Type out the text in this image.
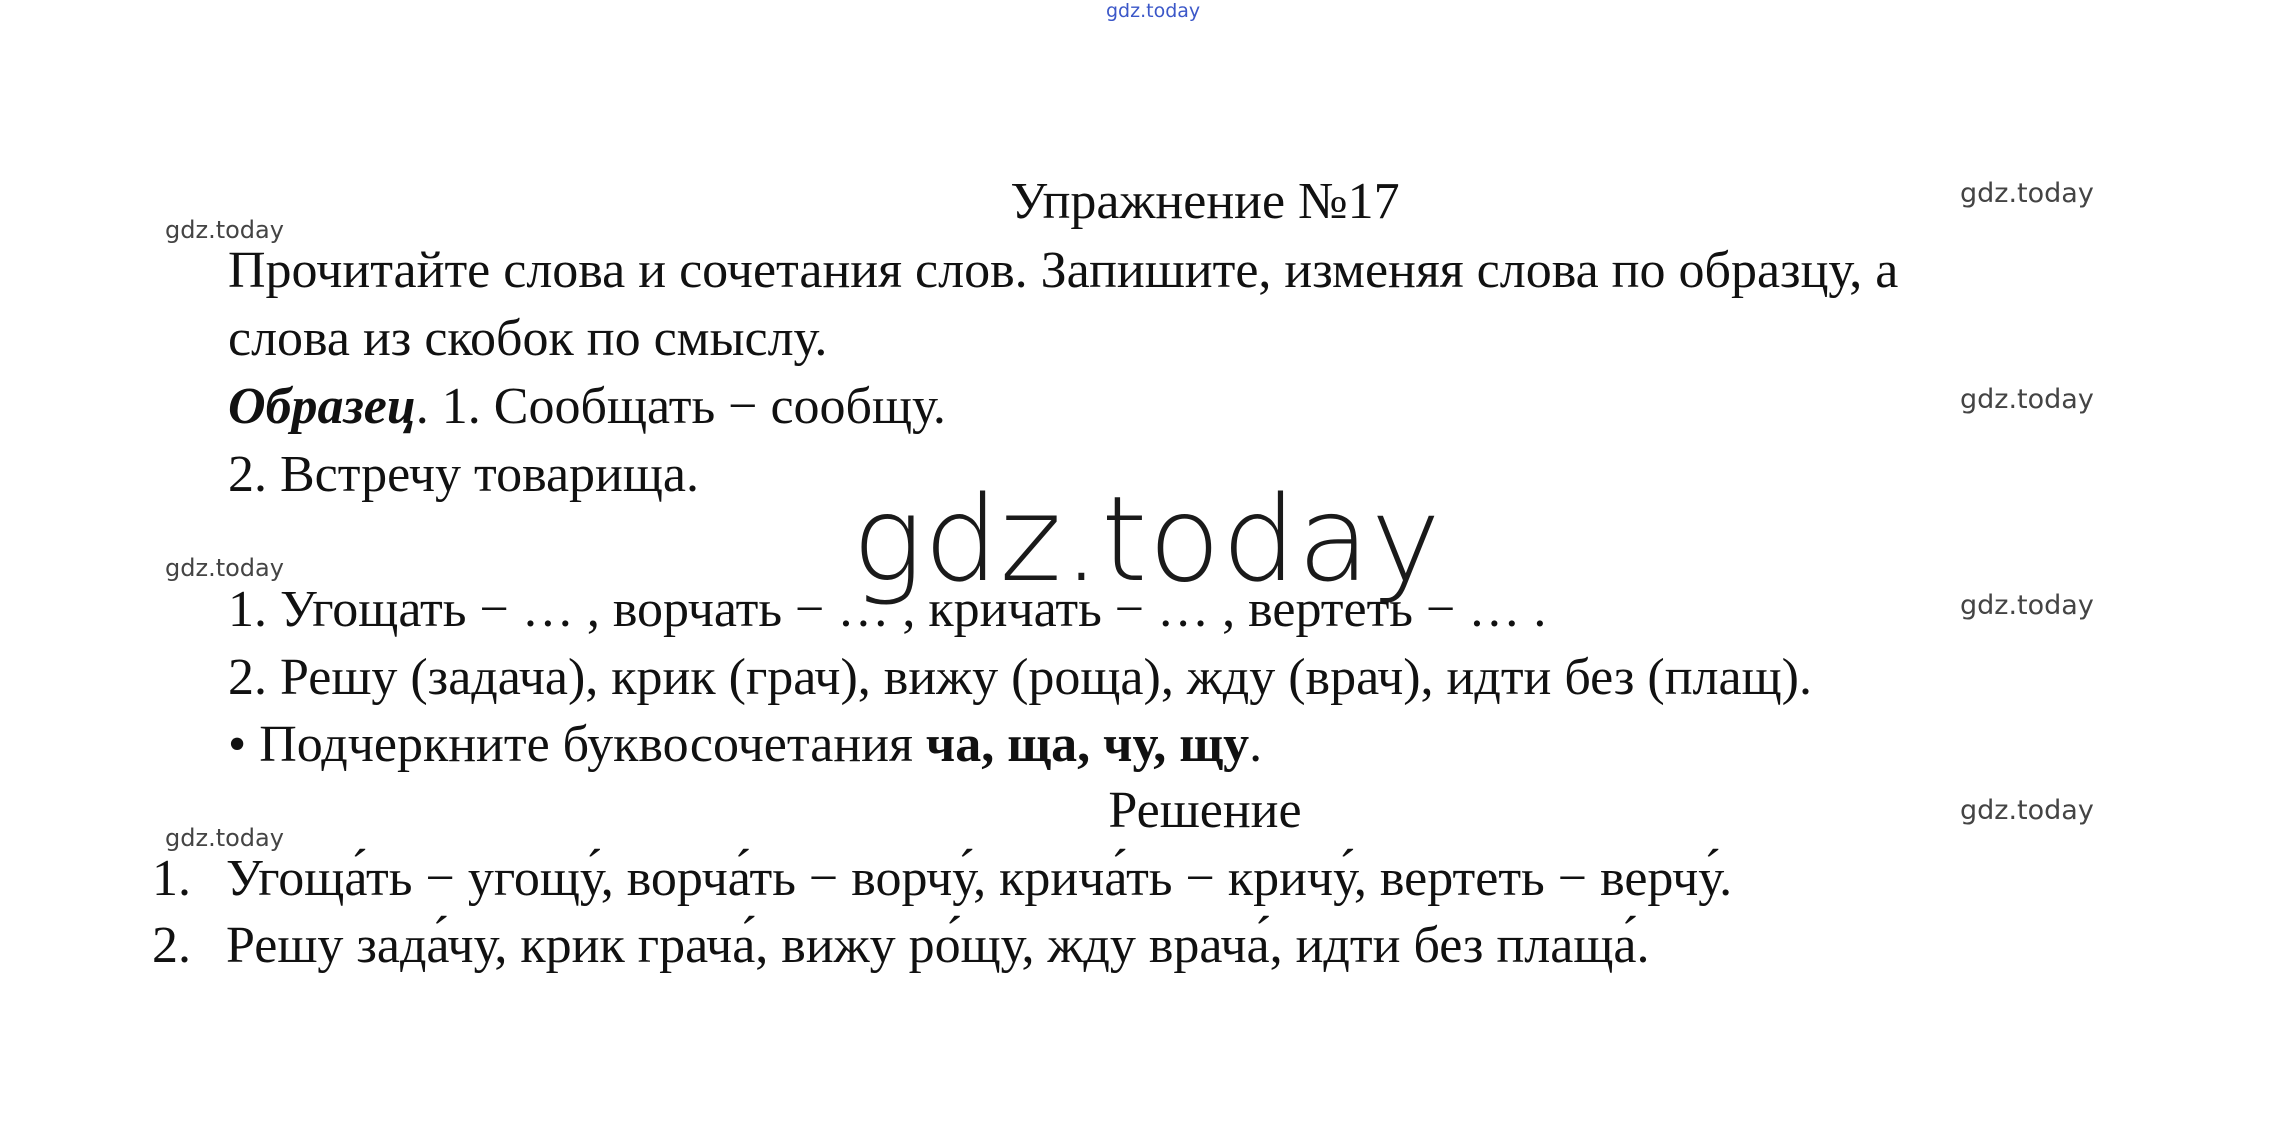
gdz.today
gdz.today
gdz.today
gdz.today
gdz.today
gdz.today
gdz.today
gdz.today
gdz.today
Упражнение №17
Прочитайте слова и сочетания слов. Запишите, изменяя слова по образцу, а
слова из скобок по смыслу.
Образец. 1. Сообщать − сообщу.
2. Встречу товарища.
1. Угощать − … , ворчать − … , кричать − … , вертеть − … .
2. Решу (задача), крик (грач), вижу (роща), жду (врач), идти без (плащ).
• Подчеркните буквосочетания ча, ща, чу, щу.
Решение
1. Угоща́ть − угощу́, ворча́ть − ворчу́, крича́ть − кричу́, вертеть − верчу́.
2. Решу зада́чу, крик грача́, вижу ро́щу, жду врача́, идти без плаща́.
